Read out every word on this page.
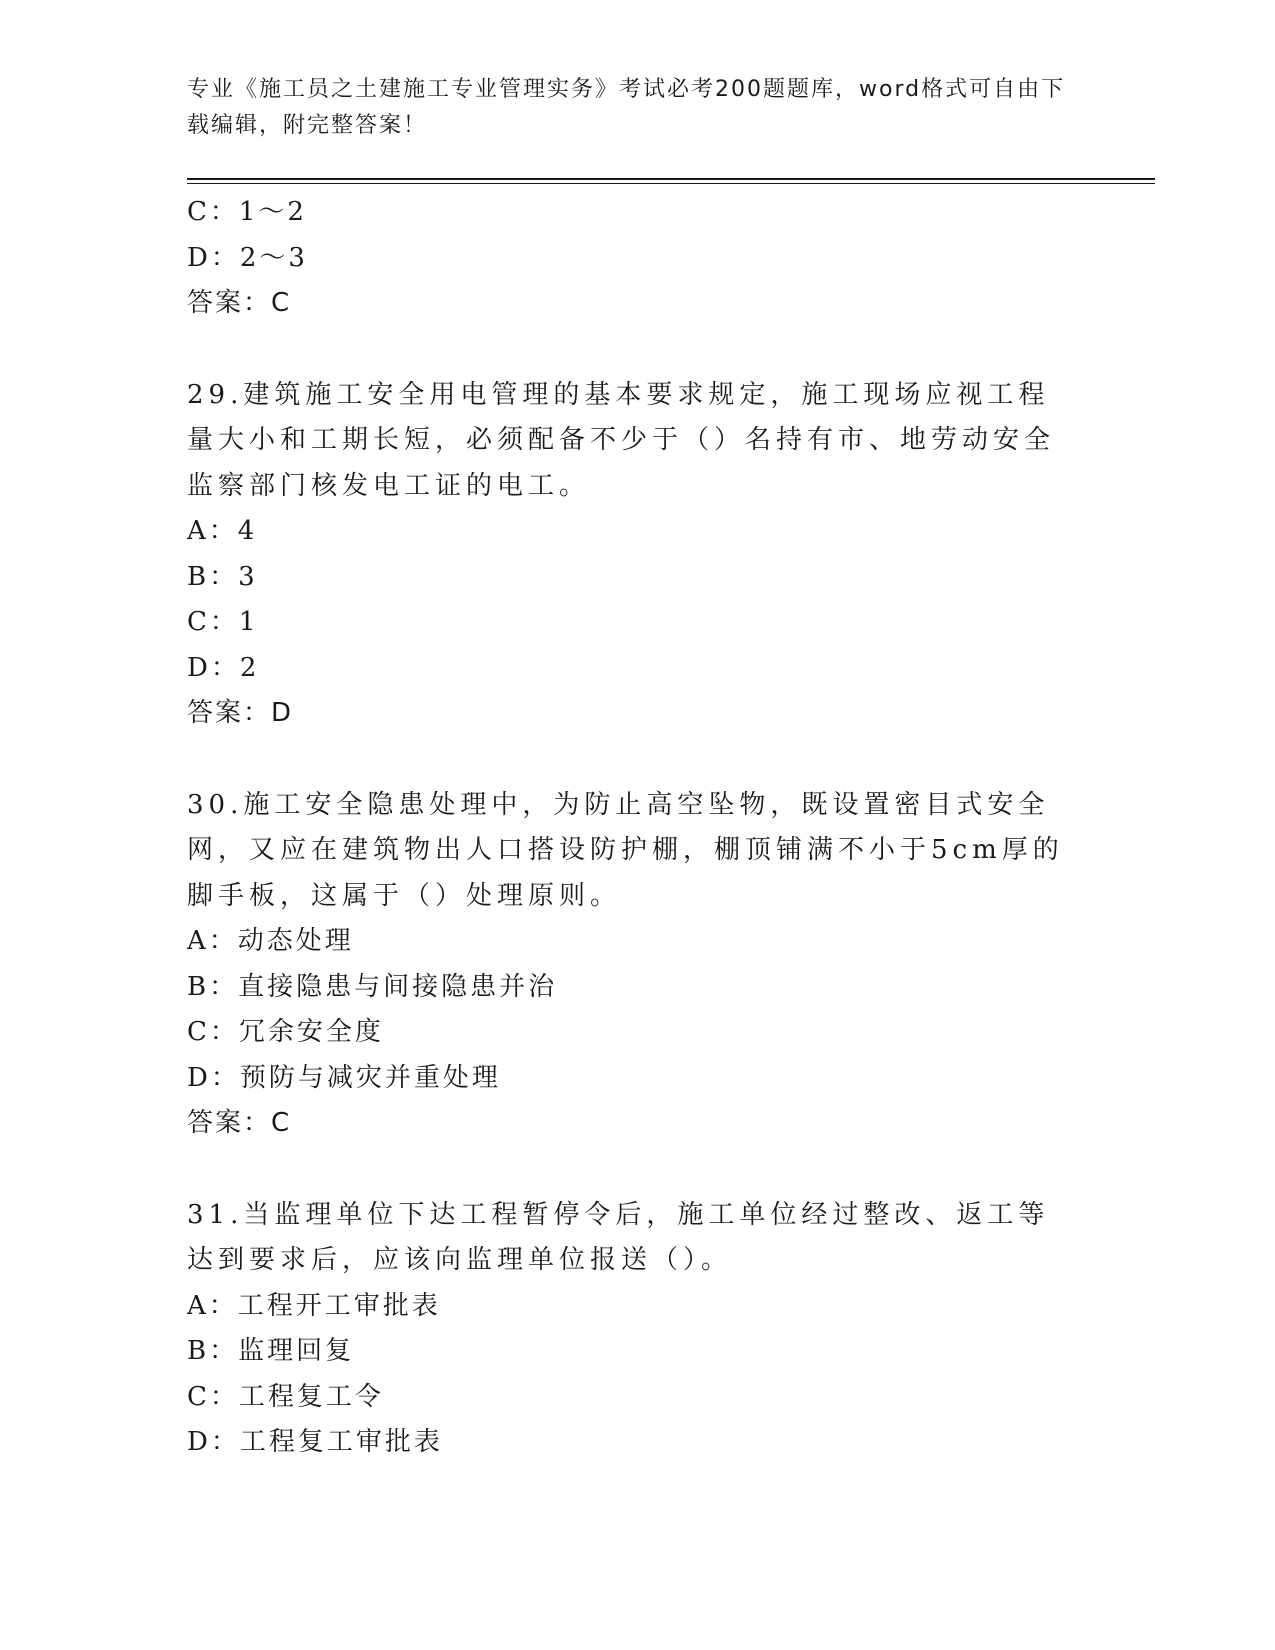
专业《施工员之土建施工专业管理实务》考试必考200题题库，word格式可自由下载编辑，附完整答案！
C：1～2
D：2～3
答案：C
29.建筑施工安全用电管理的基本要求规定，施工现场应视工程量大小和工期长短，必须配备不少于（）名持有市、地劳动安全监察部门核发电工证的电工。
A：4
B：3
C：1
D：2
答案：D
30.施工安全隐患处理中，为防止高空坠物，既设置密目式安全网，又应在建筑物出人口搭设防护棚，棚顶铺满不小于5cm厚的脚手板，这属于（）处理原则。
A：动态处理
B：直接隐患与间接隐患并治
C：冗余安全度
D：预防与减灾并重处理
答案：C
31.当监理单位下达工程暂停令后，施工单位经过整改、返工等达到要求后，应该向监理单位报送（）。
A：工程开工审批表
B：监理回复
C：工程复工令
D：工程复工审批表
